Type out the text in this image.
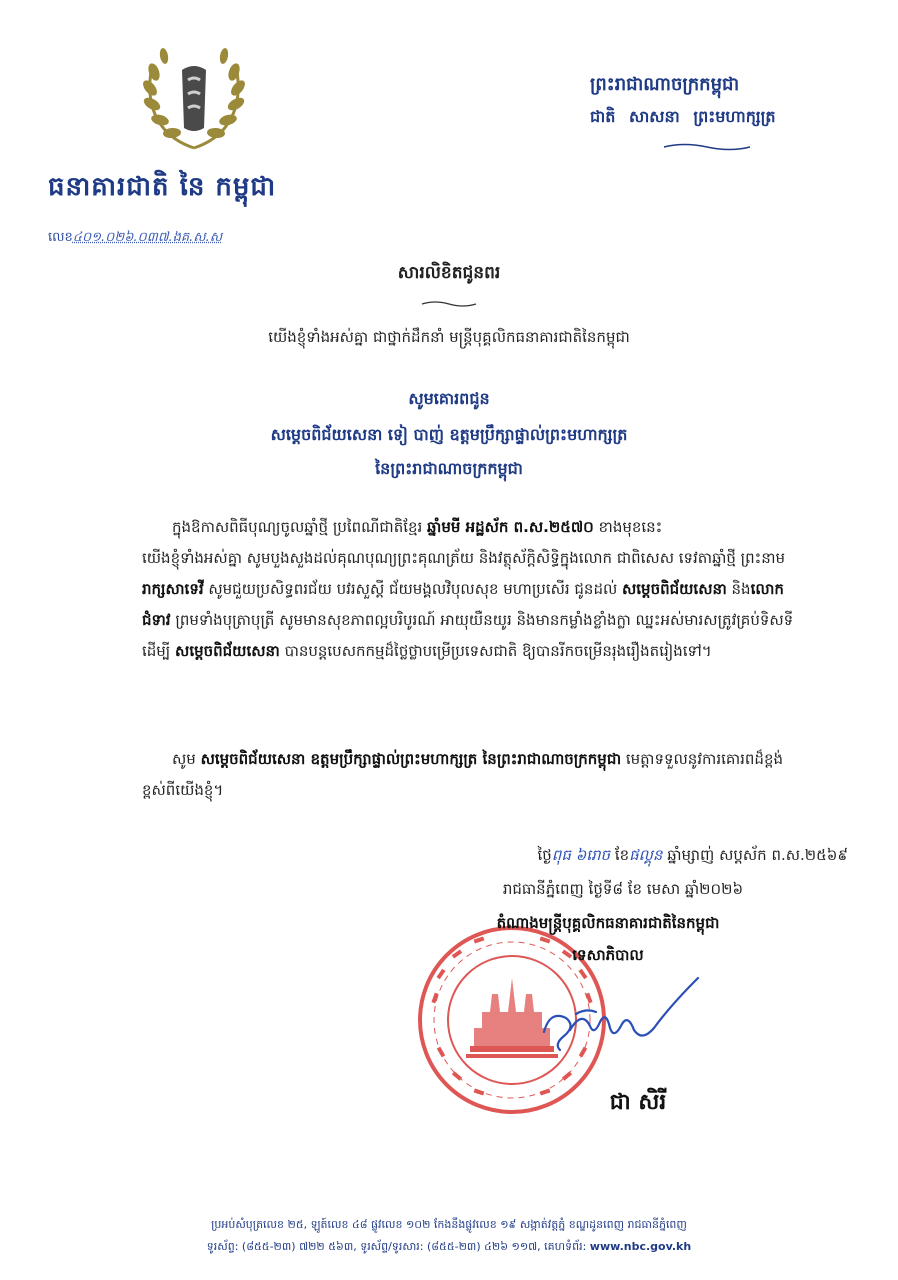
ធនាគារជាតិ នៃ កម្ពុជា
លេខ៤០១.០២៦.០៣៧.ងគ.ស.ស
ព្រះរាជាណាចក្រកម្ពុជា
ជាតិ សាសនា ព្រះមហាក្សត្រ
សារលិខិតជូនពរ
យើងខ្ញុំទាំងអស់គ្នា ជាថ្នាក់ដឹកនាំ មន្ត្រីបុគ្គលិកធនាគារជាតិនៃកម្ពុជា
សូមគោរពជូន
សម្តេចពិជ័យសេនា ទៀ បាញ់ ឧត្តមប្រឹក្សាផ្ទាល់ព្រះមហាក្សត្រ
នៃព្រះរាជាណាចក្រកម្ពុជា
ក្នុងឱកាសពិធីបុណ្យចូលឆ្នាំថ្មី ប្រពៃណីជាតិខ្មែរ ឆ្នាំមមី អដ្ឋស័ក ព.ស.២៥៧០ ខាងមុខនេះ
យើងខ្ញុំទាំងអស់គ្នា សូមបួងសួងដល់គុណបុណ្យព្រះគុណត្រ័យ និងវត្ថុស័ក្តិសិទ្ធិក្នុងលោក ជាពិសេស ទេវតាឆ្នាំថ្មី ព្រះនាម រាក្សសាទេវី សូមជួយប្រសិទ្ធពរជ័យ បវរសួស្តី ជ័យមង្គលវិបុលសុខ មហាប្រសើរ ជូនដល់ សម្តេចពិជ័យសេនា និងលោកជំទាវ ព្រមទាំងបុត្រាបុត្រី សូមមានសុខភាពល្អបរិបូរណ៍ អាយុយឺនយូរ និងមានកម្លាំងខ្លាំងក្លា ឈ្នះអស់មារសត្រូវគ្រប់ទិសទី ដើម្បី សម្តេចពិជ័យសេនា បានបន្តបេសកកម្មដ៏ថ្លៃថ្លាបម្រើប្រទេសជាតិ ឱ្យបានរីកចម្រើនរុងរឿងតរៀងទៅ។
សូម សម្តេចពិជ័យសេនា ឧត្តមប្រឹក្សាផ្ទាល់ព្រះមហាក្សត្រ នៃព្រះរាជាណាចក្រកម្ពុជា មេត្តាទទួលនូវការគោរពដ៏ខ្ពង់ខ្ពស់ពីយើងខ្ញុំ។
ថ្ងៃពុធ ៦រោច ខែផល្គុន ឆ្នាំម្សាញ់ សប្តស័ក ព.ស.២៥៦៩
រាជធានីភ្នំពេញ ថ្ងៃទី៨ ខែ មេសា ឆ្នាំ២០២៦
តំណាងមន្ត្រីបុគ្គលិកធនាគារជាតិនៃកម្ពុជា
ទេសាភិបាល
ជា សិរី
ប្រអប់សំបុត្រលេខ ២៥, ឡូត៍លេខ ៤៨ ផ្លូវលេខ ១០២ កែងនឹងផ្លូវលេខ ១៩ សង្កាត់វត្តភ្នំ ខណ្ឌដូនពេញ រាជធានីភ្នំពេញ
ទូរស័ព្ទ: (៨៥៥-២៣) ៧២២ ៥៦៣, ទូរស័ព្ទ/ទូរសារ: (៨៥៥-២៣) ៤២៦ ១១៧, គេហទំព័រ: www.nbc.gov.kh
